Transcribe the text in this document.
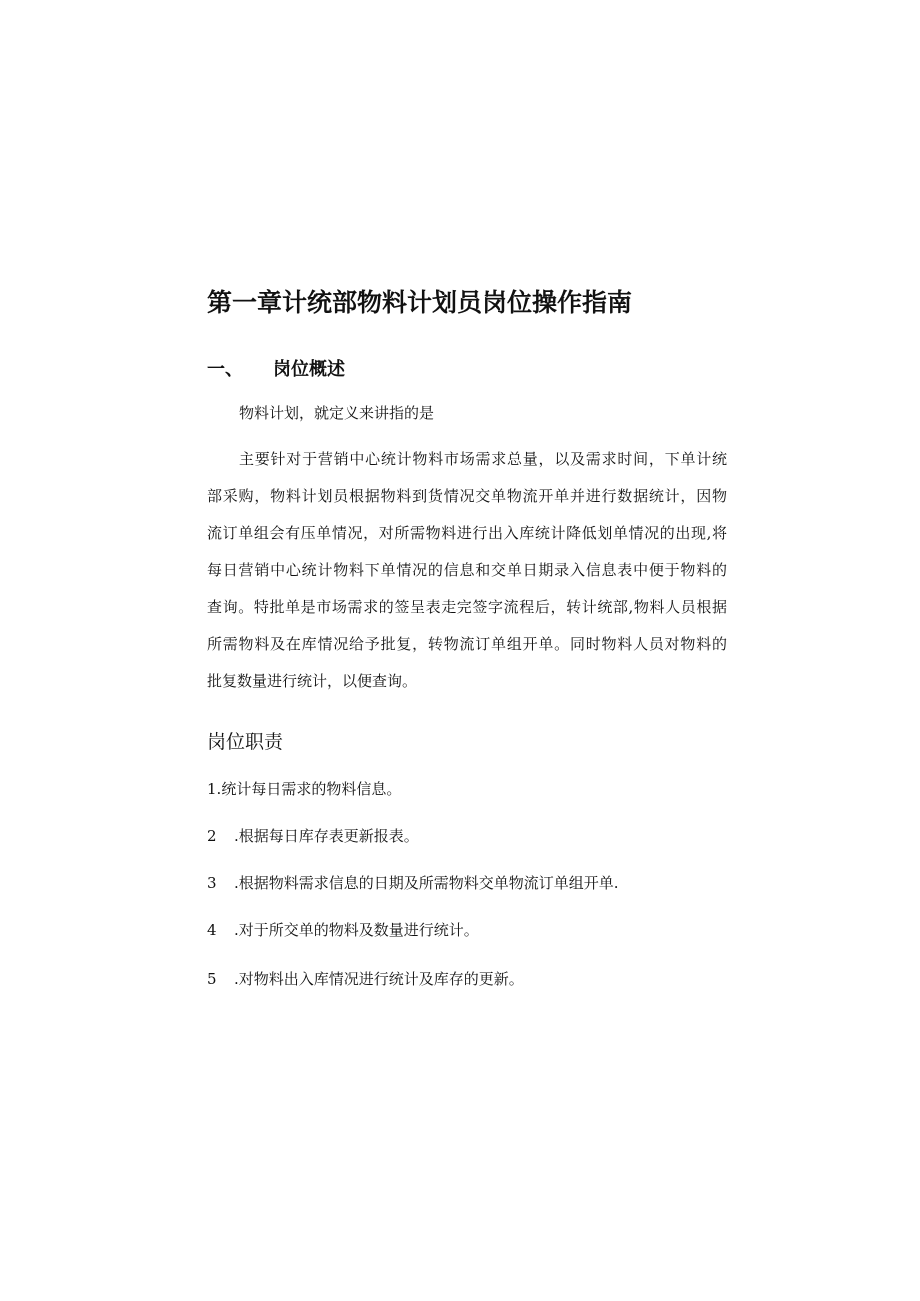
第一章计统部物料计划员岗位操作指南
一、 岗位概述
物料计划，就定义来讲指的是
主要针对于营销中心统计物料市场需求总量，以及需求时间，下单计统
部采购，物料计划员根据物料到货情况交单物流开单并进行数据统计，因物
流订单组会有压单情况，对所需物料进行出入库统计降低划单情况的出现,将
每日营销中心统计物料下单情况的信息和交单日期录入信息表中便于物料的
查询。特批单是市场需求的签呈表走完签字流程后，转计统部,物料人员根据
所需物料及在库情况给予批复，转物流订单组开单。同时物料人员对物料的
批复数量进行统计，以便查询。
岗位职责
1.统计每日需求的物料信息。
2 .根据每日库存表更新报表。
3 .根据物料需求信息的日期及所需物料交单物流订单组开单.
4 .对于所交单的物料及数量进行统计。
5 .对物料出入库情况进行统计及库存的更新。
